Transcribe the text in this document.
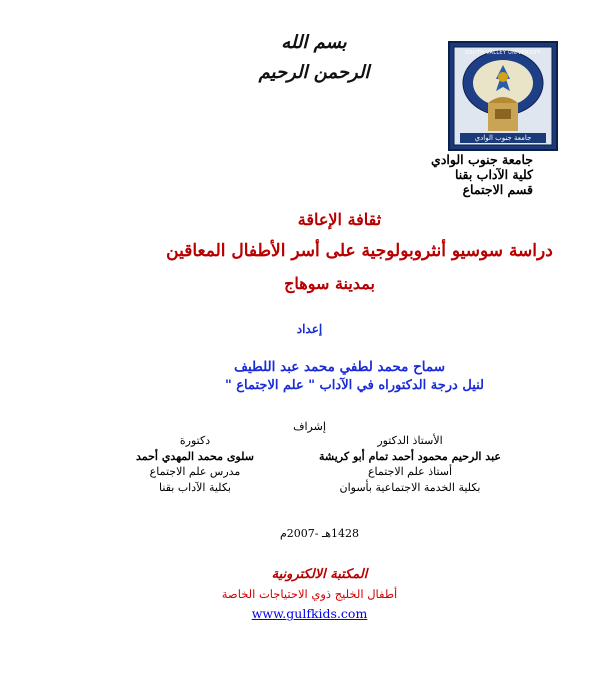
بسم الله الرحمن الرحيم
جامعة جنوب الوادي
SOUTH VALLEY UNIVERSITY
جامعة جنوب الوادي
كلية الآداب بقنا
قسم الاجتماع
ثقافة الإعاقة
دراسة سوسيو أنثروبولوجية على أسر الأطفال المعاقين
بمدينة سوهاج
إعداد
سماح محمد لطفي محمد عبد اللطيف
لنيل درجة الدكتوراه في الآداب " علم الاجتماع "
إشراف
الأستاذ الدكتور
عبد الرحيم محمود أحمد تمام أبو كريشة
أستاذ علم الاجتماع
بكلية الخدمة الاجتماعية بأسوان
دكتورة
سلوى محمد المهدي أحمد
مدرس علم الاجتماع
بكلية الآداب بقنا
1428هـ -2007م
المكتبة الالكترونية
أطفال الخليج ذوي الاحتياجات الخاصة
www.gulfkids.com
